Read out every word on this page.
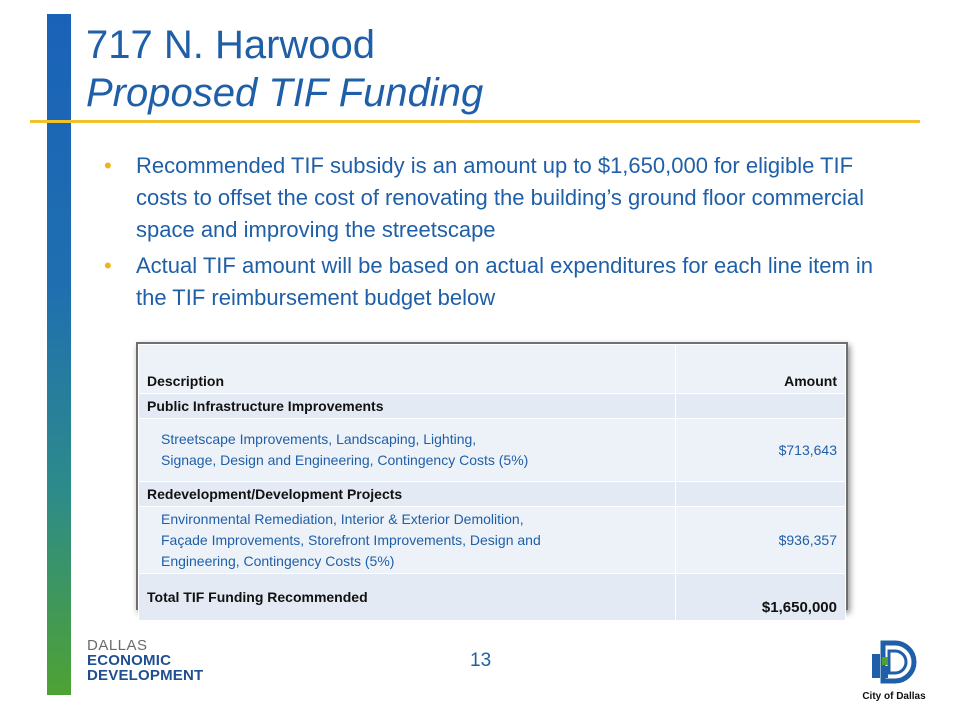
717 N. Harwood
Proposed TIF Funding
• Recommended TIF subsidy is an amount up to $1,650,000 for eligible TIF costs to offset the cost of renovating the building’s ground floor commercial space and improving the streetscape
• Actual TIF amount will be based on actual expenditures for each line item in the TIF reimbursement budget below
Description	Amount
Public Infrastructure Improvements	

Streetscape Improvements, Landscaping, Lighting,
Signage, Design and Engineering, Contingency Costs (5%)	$713,643
Redevelopment/Development Projects	

Environmental Remediation, Interior & Exterior Demolition,
Façade Improvements, Storefront Improvements, Design and
Engineering, Contingency Costs (5%)	$936,357
Total TIF Funding Recommended	$1,650,000
DALLAS
ECONOMIC
DEVELOPMENT
13
City of Dallas
